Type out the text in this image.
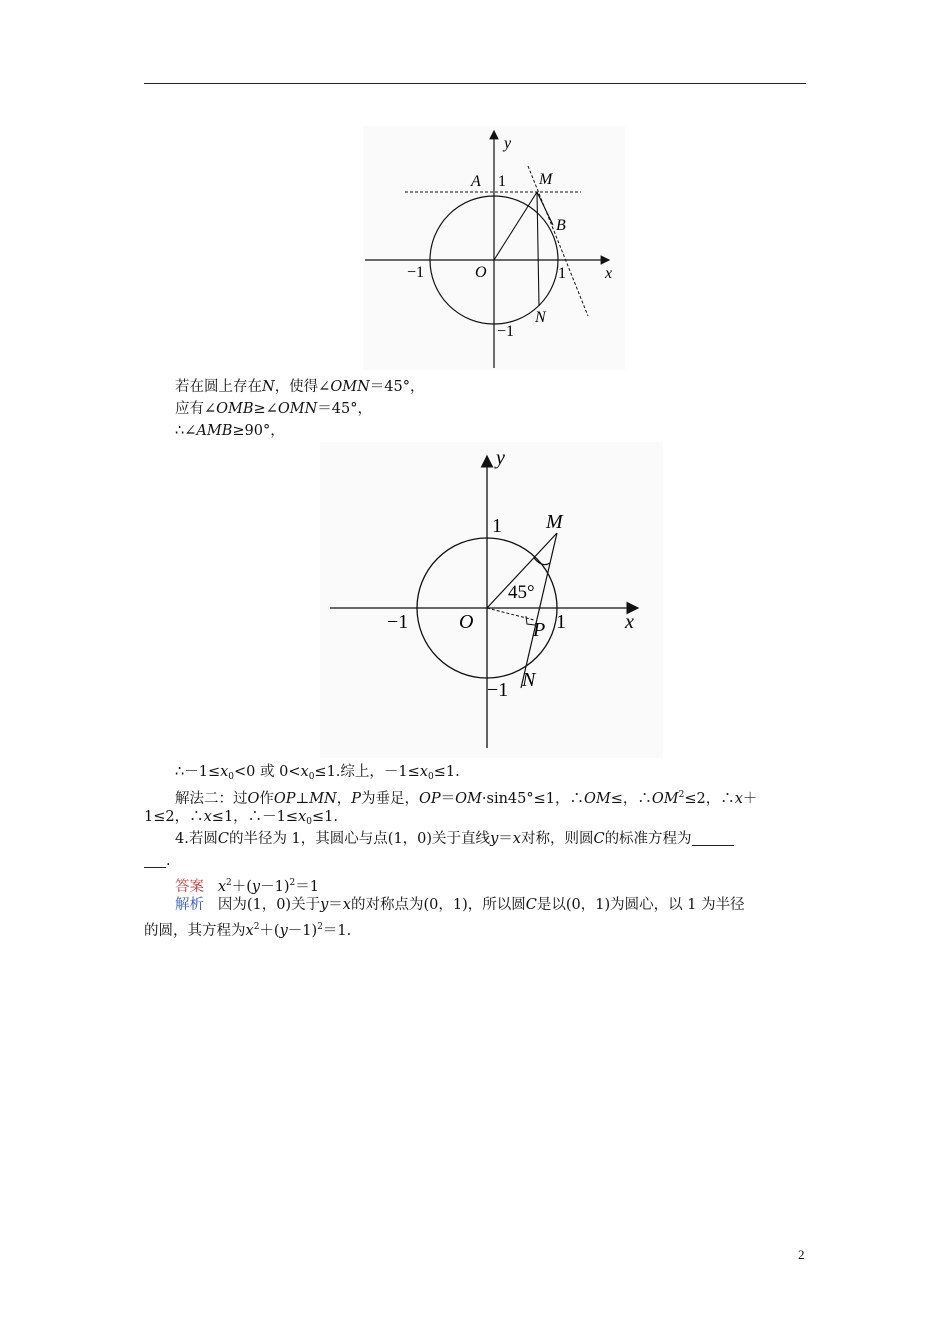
y
x
A 1 M
B
O
−1	1
N
−1
若在圆上存在N，使得∠OMN＝45°，
应有∠OMB≥∠OMN＝45°，
∴∠AMB≥90°，
y
x
M
1
45°
O
−1	P 1
N
−1
$\therefore-1\le x_0<0$ 或 $0<x_0\le 1$.综上，$-1\le x_0\le 1$.
解法二：过O作OP⊥MN，P为垂足，OP＝OM·sin45°≤1，∴OM≤，$\therefore OM^2\le 2$，∴x＋
1≤2，∴x≤1，$\therefore-1\le x_0\le 1$.
4.若圆C的半径为 1，其圆心与点(1，0)关于直线y＝x对称，则圆C的标准方程为
.
答案 $x^2+(y-1)^2=1$
解析 因为(1，0)关于y＝x的对称点为(0，1)，所以圆C是以(0，1)为圆心，以 1 为半径
的圆，其方程为$x^2+(y-1)^2=1$.
2
